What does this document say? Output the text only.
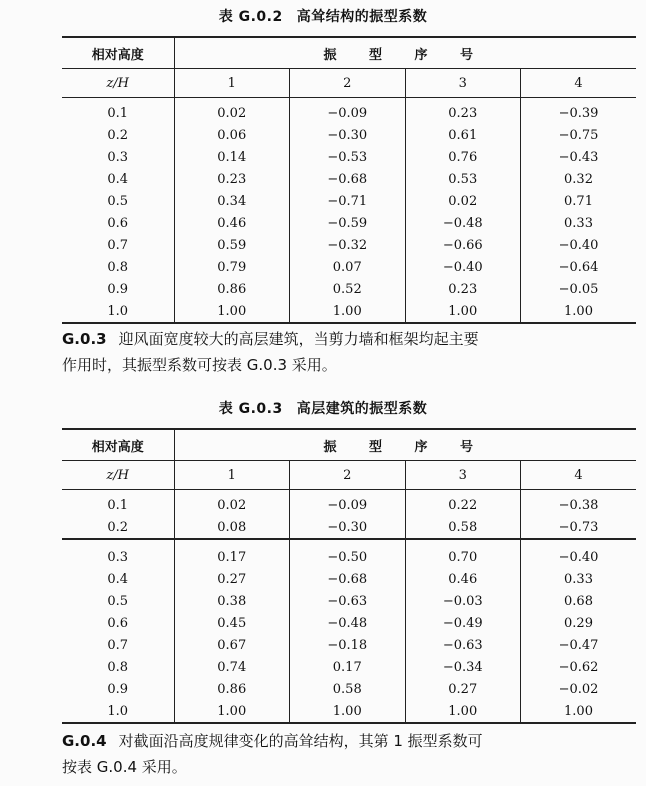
表 G.0.2 高耸结构的振型系数
相对高度	振 型 序 号			
z/H	1	2	3	4
0.1	0.02	−0.09	0.23	−0.39
0.2	0.06	−0.30	0.61	−0.75
0.3	0.14	−0.53	0.76	−0.43
0.4	0.23	−0.68	0.53	0.32
0.5	0.34	−0.71	0.02	0.71
0.6	0.46	−0.59	−0.48	0.33
0.7	0.59	−0.32	−0.66	−0.40
0.8	0.79	0.07	−0.40	−0.64
0.9	0.86	0.52	0.23	−0.05
1.0	1.00	1.00	1.00	1.00
G.0.3 迎风面宽度较大的高层建筑，当剪力墙和框架均起主要
作用时，其振型系数可按表 G.0.3 采用。
表 G.0.3 高层建筑的振型系数
相对高度	振 型 序 号			
z/H	1	2	3	4
0.1	0.02	−0.09	0.22	−0.38
0.2	0.08	−0.30	0.58	−0.73
0.3	0.17	−0.50	0.70	−0.40
0.4	0.27	−0.68	0.46	0.33
0.5	0.38	−0.63	−0.03	0.68
0.6	0.45	−0.48	−0.49	0.29
0.7	0.67	−0.18	−0.63	−0.47
0.8	0.74	0.17	−0.34	−0.62
0.9	0.86	0.58	0.27	−0.02
1.0	1.00	1.00	1.00	1.00
G.0.4 对截面沿高度规律变化的高耸结构，其第 1 振型系数可
按表 G.0.4 采用。
